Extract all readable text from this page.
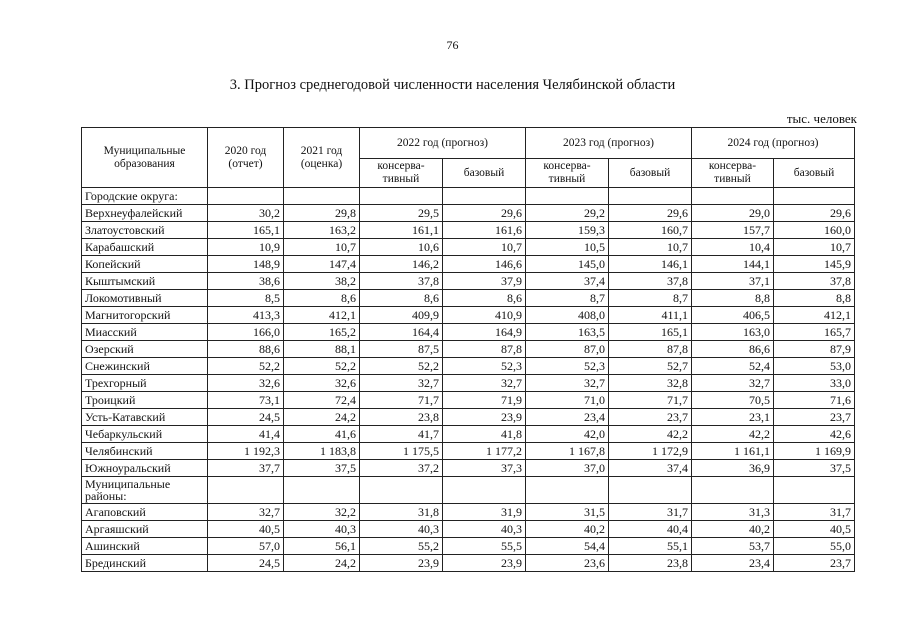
76
3. Прогноз среднегодовой численности населения Челябинской области
тыс. человек
Муниципальные образования	2020 год (отчет)	2021 год (оценка)	2022 год (прогноз)		2023 год (прогноз)		2024 год (прогноз)	
			консерва-тивный	базовый	консерва-тивный	базовый	консерва-тивный	базовый
Городские округа:								
Верхнеуфалейский	30,2	29,8	29,5	29,6	29,2	29,6	29,0	29,6
Златоустовский	165,1	163,2	161,1	161,6	159,3	160,7	157,7	160,0
Карабашский	10,9	10,7	10,6	10,7	10,5	10,7	10,4	10,7
Копейский	148,9	147,4	146,2	146,6	145,0	146,1	144,1	145,9
Кыштымский	38,6	38,2	37,8	37,9	37,4	37,8	37,1	37,8
Локомотивный	8,5	8,6	8,6	8,6	8,7	8,7	8,8	8,8
Магнитогорский	413,3	412,1	409,9	410,9	408,0	411,1	406,5	412,1
Миасский	166,0	165,2	164,4	164,9	163,5	165,1	163,0	165,7
Озерский	88,6	88,1	87,5	87,8	87,0	87,8	86,6	87,9
Снежинский	52,2	52,2	52,2	52,3	52,3	52,7	52,4	53,0
Трехгорный	32,6	32,6	32,7	32,7	32,7	32,8	32,7	33,0
Троицкий	73,1	72,4	71,7	71,9	71,0	71,7	70,5	71,6
Усть-Катавский	24,5	24,2	23,8	23,9	23,4	23,7	23,1	23,7
Чебаркульский	41,4	41,6	41,7	41,8	42,0	42,2	42,2	42,6
Челябинский	1 192,3	1 183,8	1 175,5	1 177,2	1 167,8	1 172,9	1 161,1	1 169,9
Южноуральский	37,7	37,5	37,2	37,3	37,0	37,4	36,9	37,5
Муниципальные районы:								
Агаповский	32,7	32,2	31,8	31,9	31,5	31,7	31,3	31,7
Аргаяшский	40,5	40,3	40,3	40,3	40,2	40,4	40,2	40,5
Ашинский	57,0	56,1	55,2	55,5	54,4	55,1	53,7	55,0
Брединский	24,5	24,2	23,9	23,9	23,6	23,8	23,4	23,7
